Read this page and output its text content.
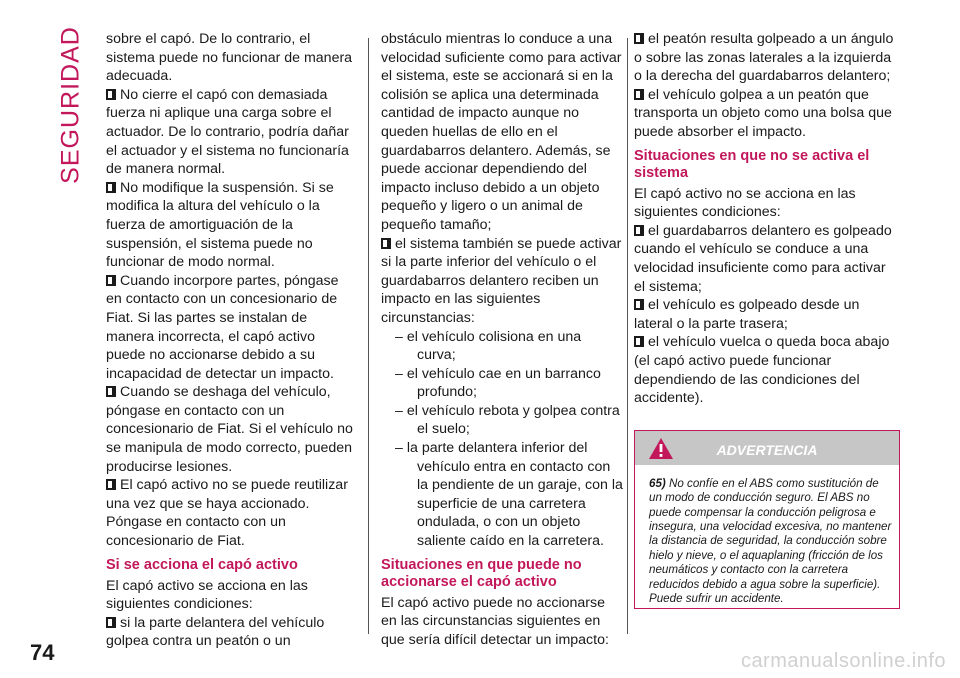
SEGURIDAD sobre el capó. De lo contrario, el sistema puede no funcionar de manera adecuada.

No cierre el capó con demasiada fuerza ni aplique una carga sobre el actuador. De lo contrario, podría dañar el actuador y el sistema no funcionaría de manera normal.

No modifique la suspensión. Si se modifica la altura del vehículo o la fuerza de amortiguación de la suspensión, el sistema puede no funcionar de modo normal.

Cuando incorpore partes, póngase en contacto con un concesionario de Fiat. Si las partes se instalan de manera incorrecta, el capó activo puede no accionarse debido a su incapacidad de detectar un impacto.

Cuando se deshaga del vehículo, póngase en contacto con un concesionario de Fiat. Si el vehículo no se manipula de modo correcto, pueden producirse lesiones.

El capó activo no se puede reutilizar una vez que se haya accionado. Póngase en contacto con un concesionario de Fiat.

Si se acciona el capó activo

El capó activo se acciona en las siguientes condiciones:

si la parte delantera del vehículo golpea contra un peatón o un

obstáculo mientras lo conduce a una velocidad suficiente como para activar el sistema, este se accionará si en la colisión se aplica una determinada cantidad de impacto aunque no queden huellas de ello en el guardabarros delantero. Además, se puede accionar dependiendo del impacto incluso debido a un objeto pequeño y ligero o un animal de pequeño tamaño;

el sistema también se puede activar si la parte inferior del vehículo o el guardabarros delantero reciben un impacto en las siguientes circunstancias:

– el vehículo colisiona en una curva;

– el vehículo cae en un barranco profundo;

– el vehículo rebota y golpea contra el suelo;

– la parte delantera inferior del vehículo entra en contacto con la pendiente de un garaje, con la superficie de una carretera ondulada, o con un objeto saliente caído en la carretera.

Situaciones en que puede no accionarse el capó activo

El capó activo puede no accionarse en las circunstancias siguientes en que sería difícil detectar un impacto:

el peatón resulta golpeado a un ángulo o sobre las zonas laterales a la izquierda o la derecha del guardabarros delantero;

el vehículo golpea a un peatón que transporta un objeto como una bolsa que puede absorber el impacto.

Situaciones en que no se activa el sistema

El capó activo no se acciona en las siguientes condiciones:

el guardabarros delantero es golpeado cuando el vehículo se conduce a una velocidad insuficiente como para activar el sistema;

el vehículo es golpeado desde un lateral o la parte trasera;

el vehículo vuelca o queda boca abajo (el capó activo puede funcionar dependiendo de las condiciones del accidente).

ADVERTENCIA
65) No confíe en el ABS como sustitución de un modo de conducción seguro. El ABS no puede compensar la conducción peligrosa e insegura, una velocidad excesiva, no mantener la distancia de seguridad, la conducción sobre hielo y nieve, o el aquaplaning (fricción de los neumáticos y contacto con la carretera reducidos debido a agua sobre la superficie). Puede sufrir un accidente.
74	carmanualsonline.info
